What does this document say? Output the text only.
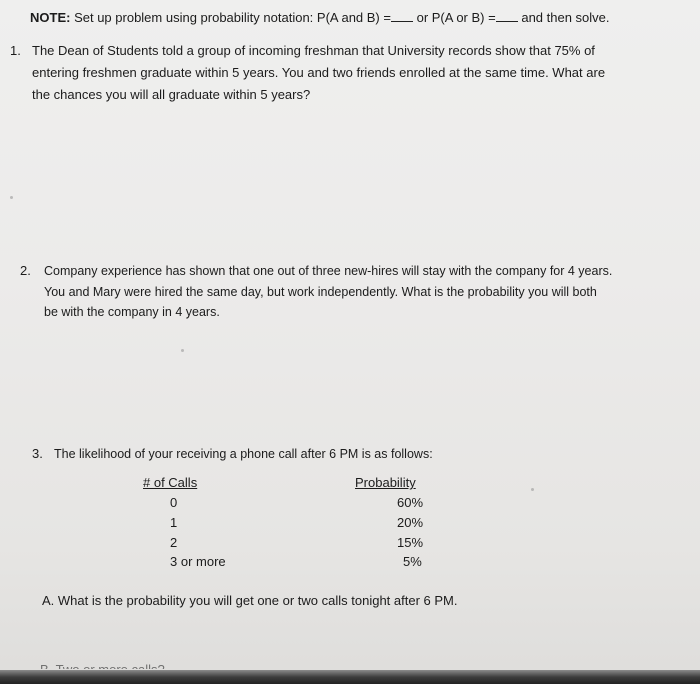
NOTE: Set up problem using probability notation: P(A and B) = or P(A or B) = and then solve.
1. The Dean of Students told a group of incoming freshman that University records show that 75% of
entering freshmen graduate within 5 years. You and two friends enrolled at the same time. What are
the chances you will all graduate within 5 years?
2. Company experience has shown that one out of three new-hires will stay with the company for 4 years.
You and Mary were hired the same day, but work independently. What is the probability you will both
be with the company in 4 years.
3. The likelihood of your receiving a phone call after 6 PM is as follows:
# of Calls	Probability
0	60%
1	20%
2	15%
3 or more	5%
A. What is the probability you will get one or two calls tonight after 6 PM.
